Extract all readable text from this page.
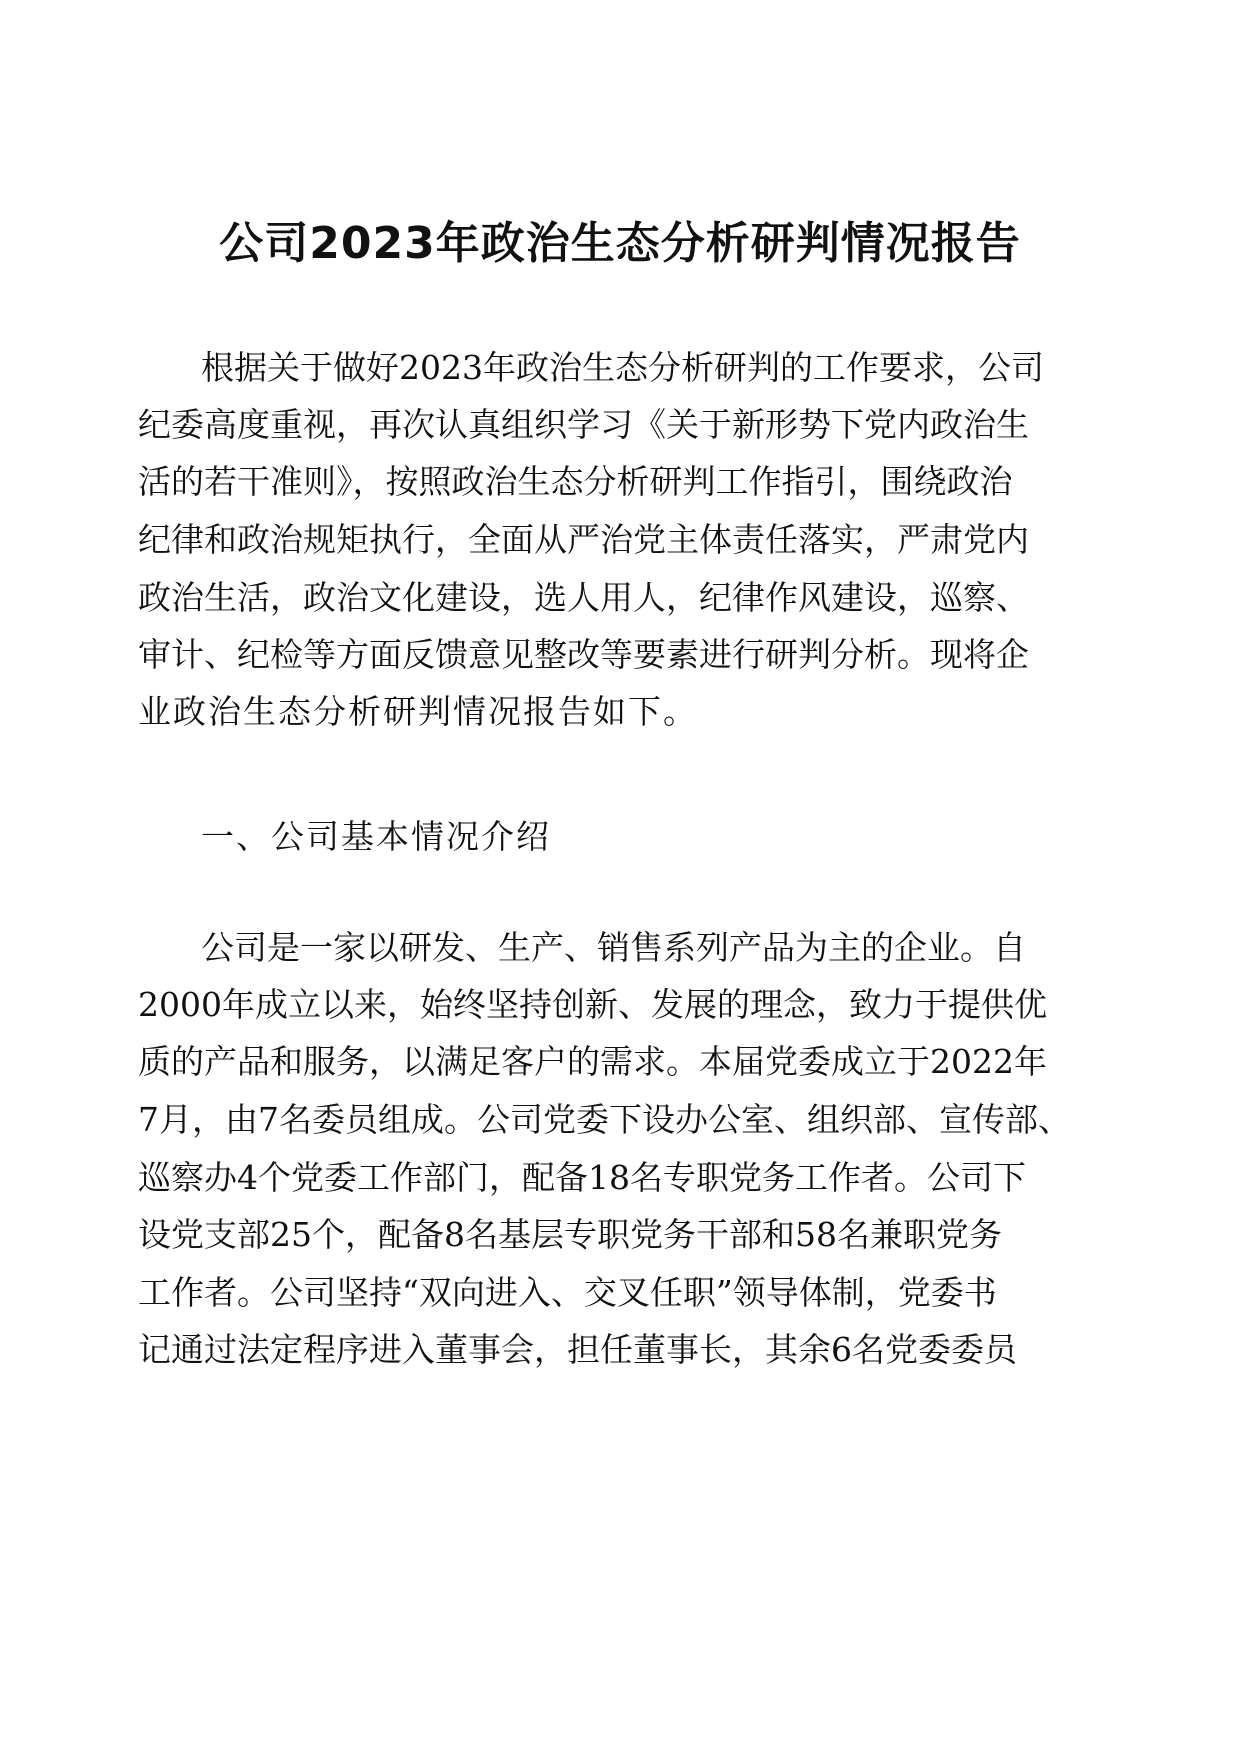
公司2023年政治生态分析研判情况报告
根据关于做好2023年政治生态分析研判的工作要求，公司
纪委高度重视，再次认真组织学习《关于新形势下党内政治生
活的若干准则》，按照政治生态分析研判工作指引，围绕政治
纪律和政治规矩执行，全面从严治党主体责任落实，严肃党内
政治生活，政治文化建设，选人用人，纪律作风建设，巡察、
审计、纪检等方面反馈意见整改等要素进行研判分析。现将企
业政治生态分析研判情况报告如下。
一、公司基本情况介绍
公司是一家以研发、生产、销售系列产品为主的企业。自
2000年成立以来，始终坚持创新、发展的理念，致力于提供优
质的产品和服务，以满足客户的需求。本届党委成立于2022年
7月，由7名委员组成。公司党委下设办公室、组织部、宣传部、
巡察办4个党委工作部门，配备18名专职党务工作者。公司下
设党支部25个，配备8名基层专职党务干部和58名兼职党务
工作者。公司坚持“双向进入、交叉任职”领导体制，党委书
记通过法定程序进入董事会，担任董事长，其余6名党委委员
